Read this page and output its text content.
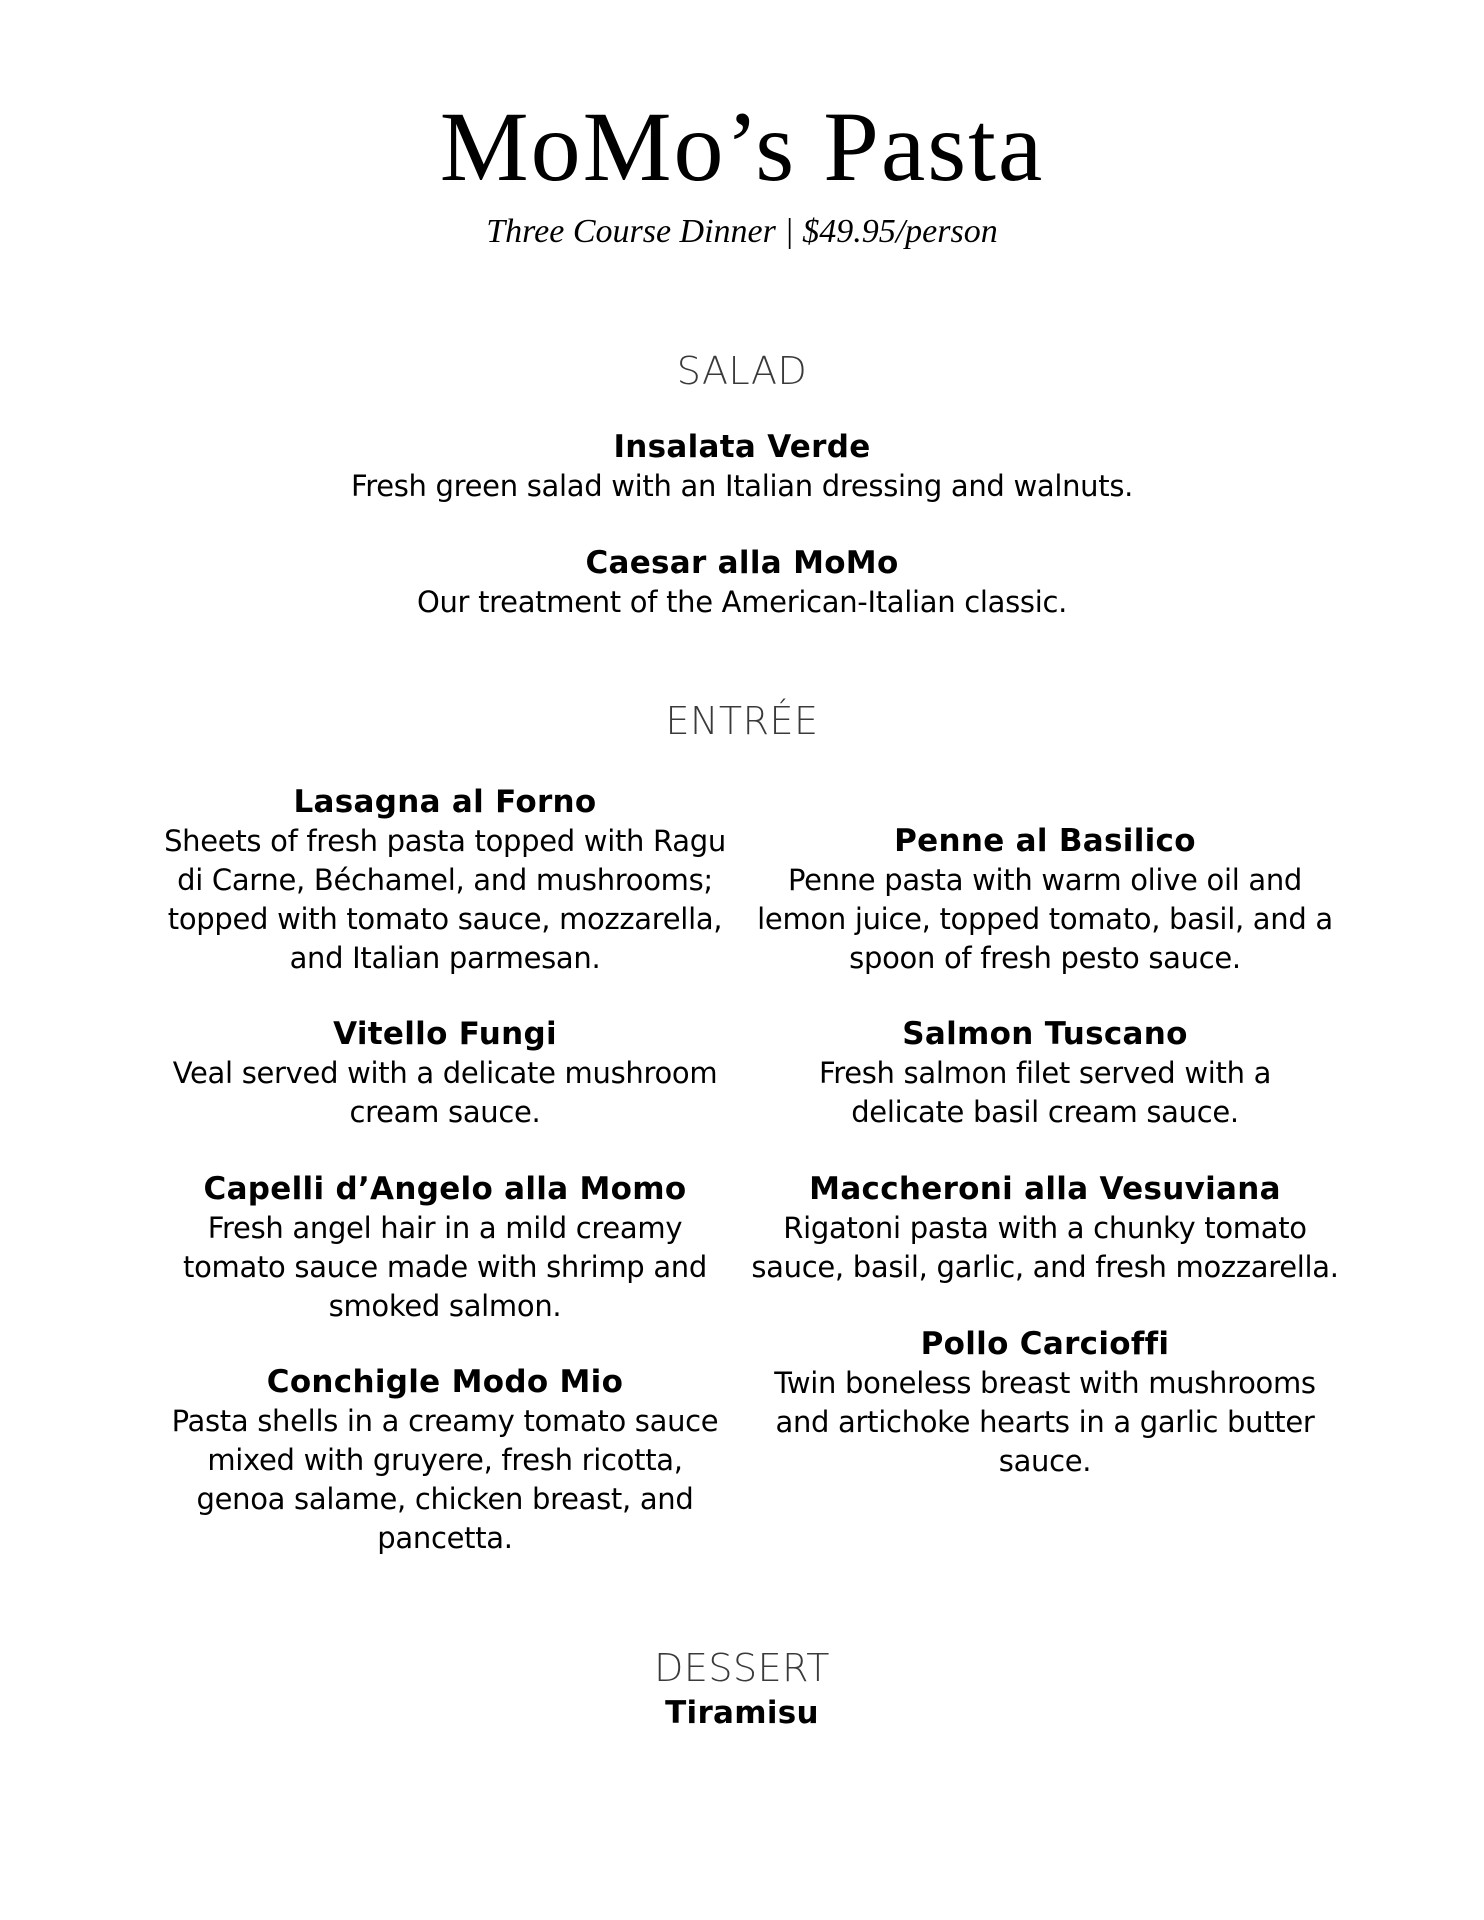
MoMo’s Pasta
Three Course Dinner | $49.95/person
SALAD
Insalata Verde
Fresh green salad with an Italian dressing and walnuts.
Caesar alla MoMo
Our treatment of the American-Italian classic.
ENTRÉE
Lasagna al Forno
Sheets of fresh pasta topped with Ragu
di Carne, Béchamel, and mushrooms;
topped with tomato sauce, mozzarella,
and Italian parmesan.
Vitello Fungi
Veal served with a delicate mushroom
cream sauce.
Capelli d’Angelo alla Momo
Fresh angel hair in a mild creamy
tomato sauce made with shrimp and
smoked salmon.
Conchigle Modo Mio
Pasta shells in a creamy tomato sauce
mixed with gruyere, fresh ricotta,
genoa salame, chicken breast, and
pancetta.
Penne al Basilico
Penne pasta with warm olive oil and
lemon juice, topped tomato, basil, and a
spoon of fresh pesto sauce.
Salmon Tuscano
Fresh salmon filet served with a
delicate basil cream sauce.
Maccheroni alla Vesuviana
Rigatoni pasta with a chunky tomato
sauce, basil, garlic, and fresh mozzarella.
Pollo Carcioffi
Twin boneless breast with mushrooms
and artichoke hearts in a garlic butter
sauce.
DESSERT
Tiramisu
